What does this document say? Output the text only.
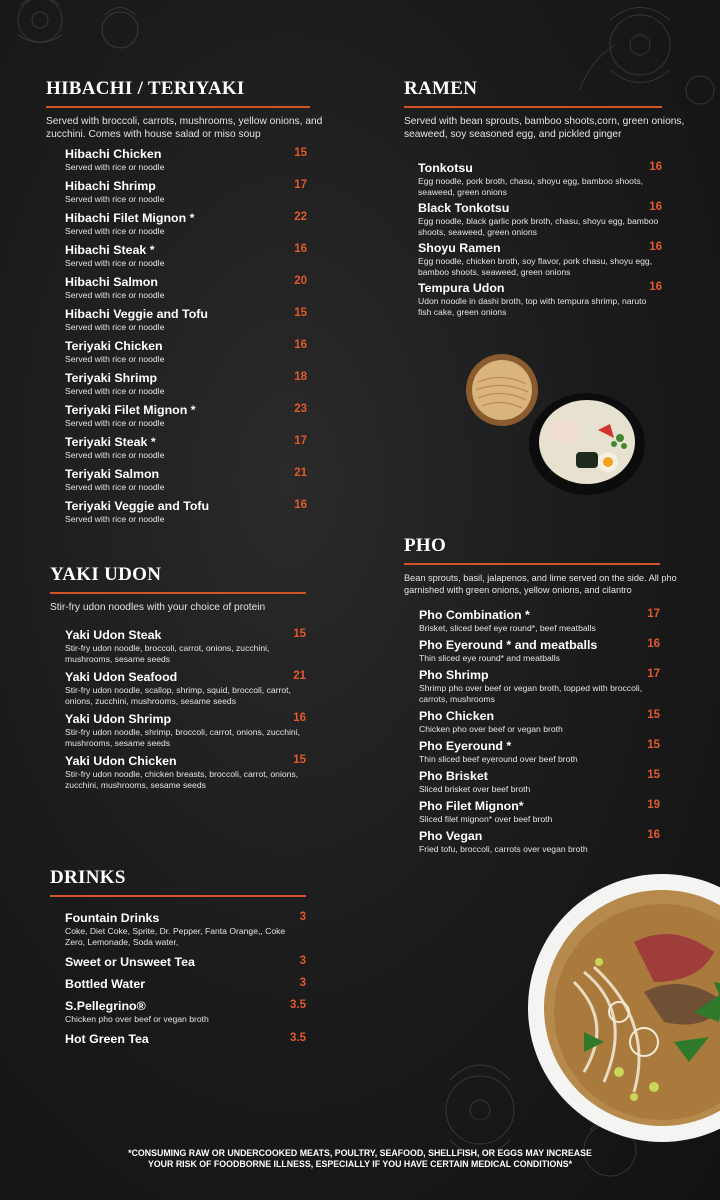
HIBACHI / TERIYAKI

Served with broccoli, carrots, mushrooms, yellow onions, and zucchini. Comes with house salad or miso soup

Hibachi Chicken	15
Served with rice or noodle
Hibachi Shrimp	17
Served with rice or noodle
Hibachi Filet Mignon *	22
Served with rice or noodle
Hibachi Steak *	16
Served with rice or noodle
Hibachi Salmon	20
Served with rice or noodle
Hibachi Veggie and Tofu	15
Served with rice or noodle
Teriyaki Chicken	16
Served with rice or noodle
Teriyaki Shrimp	18
Served with rice or noodle
Teriyaki Filet Mignon *	23
Served with rice or noodle
Teriyaki Steak *	17
Served with rice or noodle
Teriyaki Salmon	21
Served with rice or noodle
Teriyaki Veggie and Tofu	16
Served with rice or noodle
RAMEN

Served with bean sprouts, bamboo shoots,corn, green onions, seaweed, soy seasoned egg, and pickled ginger

Tonkotsu	16
Egg noodle, pork broth, chasu, shoyu egg, bamboo shoots, seaweed, green onions
Black Tonkotsu	16
Egg noodle, black garlic pork broth, chasu, shoyu egg, bamboo shoots, seaweed, green onions
Shoyu Ramen	16
Egg noodle, chicken broth, soy flavor, pork chasu, shoyu egg, bamboo shoots, seaweed, green onions
Tempura Udon	16
Udon noodle in dashi broth, top with tempura shrimp, naruto fish cake, green onions
YAKI UDON

Stir-fry udon noodles with your choice of protein

Yaki Udon Steak	15
Stir-fry udon noodle, broccoli, carrot, onions, zucchini, mushrooms, sesame seeds
Yaki Udon Seafood	21
Stir-fry udon noodle, scallop, shrimp, squid, broccoli, carrot, onions, zucchini, mushrooms, sesame seeds
Yaki Udon Shrimp	16
Stir-fry udon noodle, shrimp, broccoli, carrot, onions, zucchini, mushrooms, sesame seeds
Yaki Udon Chicken	15
Stir-fry udon noodle, chicken breasts, broccoli, carrot, onions, zucchini, mushrooms, sesame seeds
PHO

Bean sprouts, basil, jalapenos, and lime served on the side. All pho garnished with green onions, yellow onions, and cilantro

Pho Combination *	17
Brisket, sliced beef eye round*, beef meatballs
Pho Eyeround * and meatballs	16
Thin sliced eye round* and meatballs
Pho Shrimp	17
Shrimp pho over beef or vegan broth, topped with broccoli, carrots, mushrooms
Pho Chicken	15
Chicken pho over beef or vegan broth
Pho Eyeround *	15
Thin sliced beef eyeround over beef broth
Pho Brisket	15
Sliced brisket over beef broth
Pho Filet Mignon*	19
Sliced filet mignon* over beef broth
Pho Vegan	16
Fried tofu, broccoli, carrots over vegan broth
DRINKS
Fountain Drinks	3
Coke, Diet Coke, Sprite, Dr. Pepper, Fanta Orange,, Coke Zero, Lemonade, Soda water,
Sweet or Unsweet Tea	3
Bottled Water	3
S.Pellegrino®	3.5
Chicken pho over beef or vegan broth
Hot Green Tea	3.5
*CONSUMING RAW OR UNDERCOOKED MEATS, POULTRY, SEAFOOD, SHELLFISH, OR EGGS MAY INCREASE
YOUR RISK OF FOODBORNE ILLNESS, ESPECIALLY IF YOU HAVE CERTAIN MEDICAL CONDITIONS*
